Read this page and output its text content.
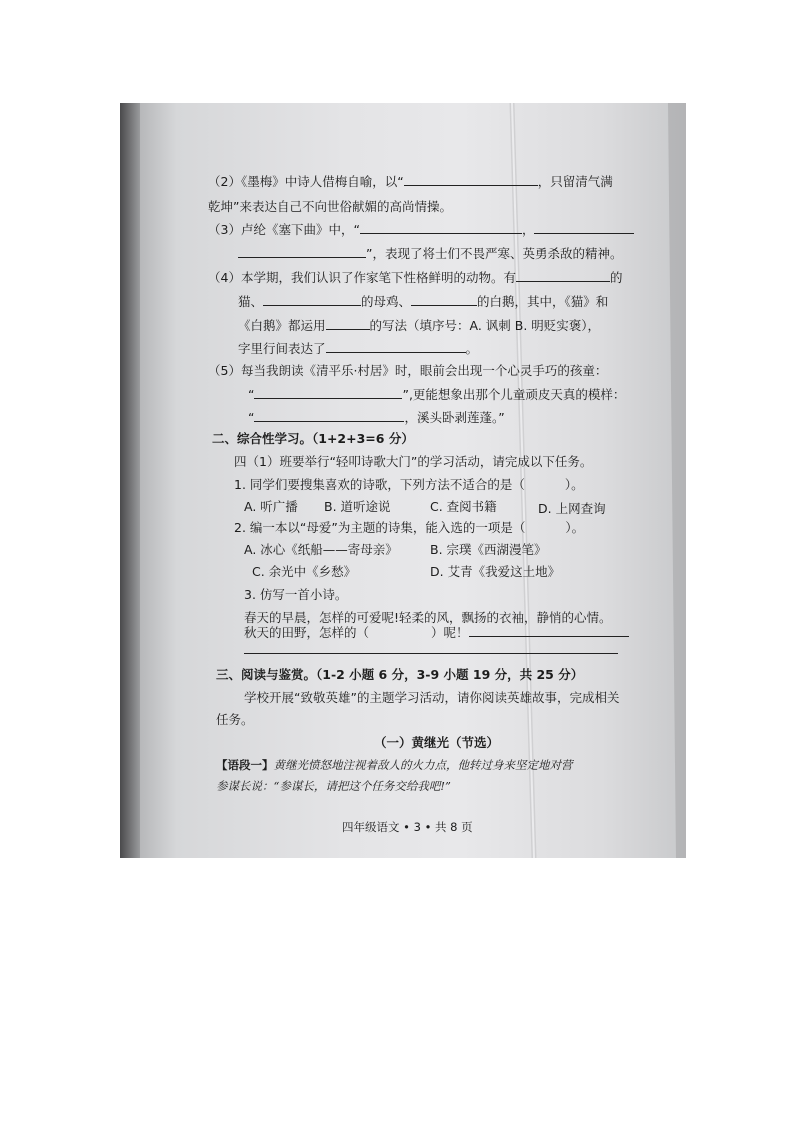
（2）《墨梅》中诗人借梅自喻，以“	，只留清气满
乾坤”来表达自己不向世俗献媚的高尚情操。
（3）卢纶《塞下曲》中，“	，
”，表现了将士们不畏严寒、英勇杀敌的精神。
（4）本学期，我们认识了作家笔下性格鲜明的动物。有	的
猫、	的母鸡、	的白鹅，其中，《猫》和
《白鹅》都运用	的写法（填序号：A. 讽刺 B. 明贬实褒），
字里行间表达了	。
（5）每当我朗读《清平乐·村居》时，眼前会出现一个心灵手巧的孩童：
“	”,更能想象出那个儿童顽皮天真的模样：
“	，溪头卧剥莲蓬。”
二、综合性学习。（1+2+3=6 分）
四（1）班要举行“轻叩诗歌大门”的学习活动，请完成以下任务。
1. 同学们要搜集喜欢的诗歌，下列方法不适合的是（	）。
A. 听广播 B. 道听途说	C. 查阅书籍	D. 上网查询
2. 编一本以“母爱”为主题的诗集，能入选的一项是（	）。
A. 冰心《纸船——寄母亲》	B. 宗璞《西湖漫笔》
C. 余光中《乡愁》	D. 艾青《我爱这土地》
3. 仿写一首小诗。
春天的早晨，怎样的可爱呢!轻柔的风，飘扬的衣袖，静悄的心情。
秋天的田野，怎样的（	）呢！
三、阅读与鉴赏。（1-2 小题 6 分，3-9 小题 19 分，共 25 分）
学校开展“致敬英雄”的主题学习活动，请你阅读英雄故事，完成相关
任务。
（一）黄继光（节选）
【语段一】黄继光愤怒地注视着敌人的火力点，他转过身来坚定地对营
参谋长说：“参谋长，请把这个任务交给我吧!”
四年级语文 • 3 • 共 8 页
